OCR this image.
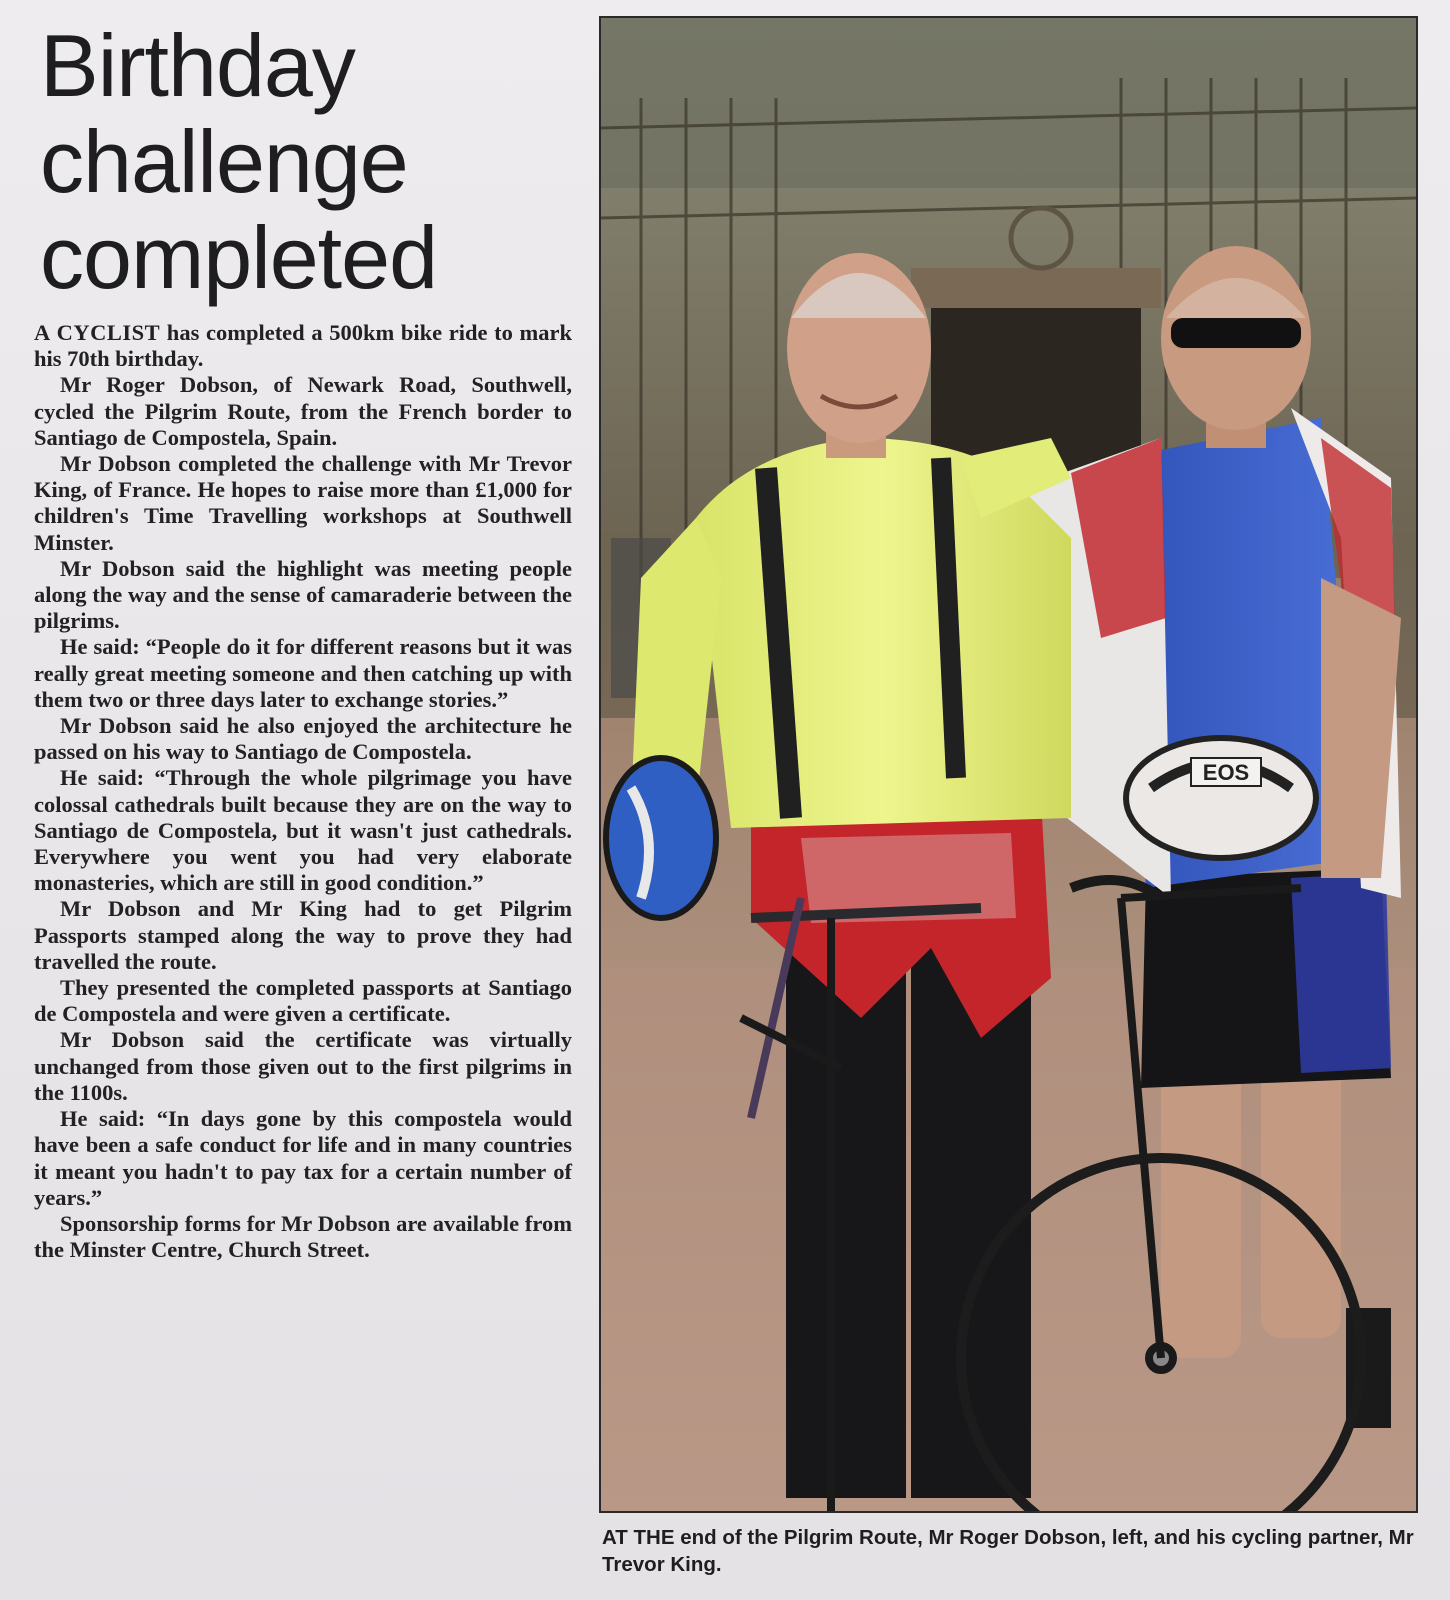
Birthday
challenge
completed

A CYCLIST has completed a 500km bike ride to mark his 70th birthday.

Mr Roger Dobson, of Newark Road, Southwell, cycled the Pilgrim Route, from the French border to Santiago de Compostela, Spain.

Mr Dobson completed the challenge with Mr Trevor King, of France. He hopes to raise more than £1,000 for children's Time Travelling workshops at Southwell Minster.

Mr Dobson said the highlight was meeting people along the way and the sense of camaraderie between the pilgrims.

He said: “People do it for different reasons but it was really great meeting someone and then catching up with them two or three days later to exchange stories.”

Mr Dobson said he also enjoyed the architecture he passed on his way to Santiago de Compostela.

He said: “Through the whole pilgrimage you have colossal cathedrals built because they are on the way to Santiago de Compostela, but it wasn't just cathedrals. Everywhere you went you had very elaborate monasteries, which are still in good condition.”

Mr Dobson and Mr King had to get Pilgrim Passports stamped along the way to prove they had travelled the route.

They presented the completed passports at Santiago de Compostela and were given a certificate.

Mr Dobson said the certificate was virtually unchanged from those given out to the first pilgrims in the 1100s.

He said: “In days gone by this compostela would have been a safe conduct for life and in many countries it meant you hadn't to pay tax for a certain number of years.”

Sponsorship forms for Mr Dobson are available from the Minster Centre, Church Street.

EOS
AT THE end of the Pilgrim Route, Mr Roger Dobson, left, and his cycling partner, Mr Trevor King.
